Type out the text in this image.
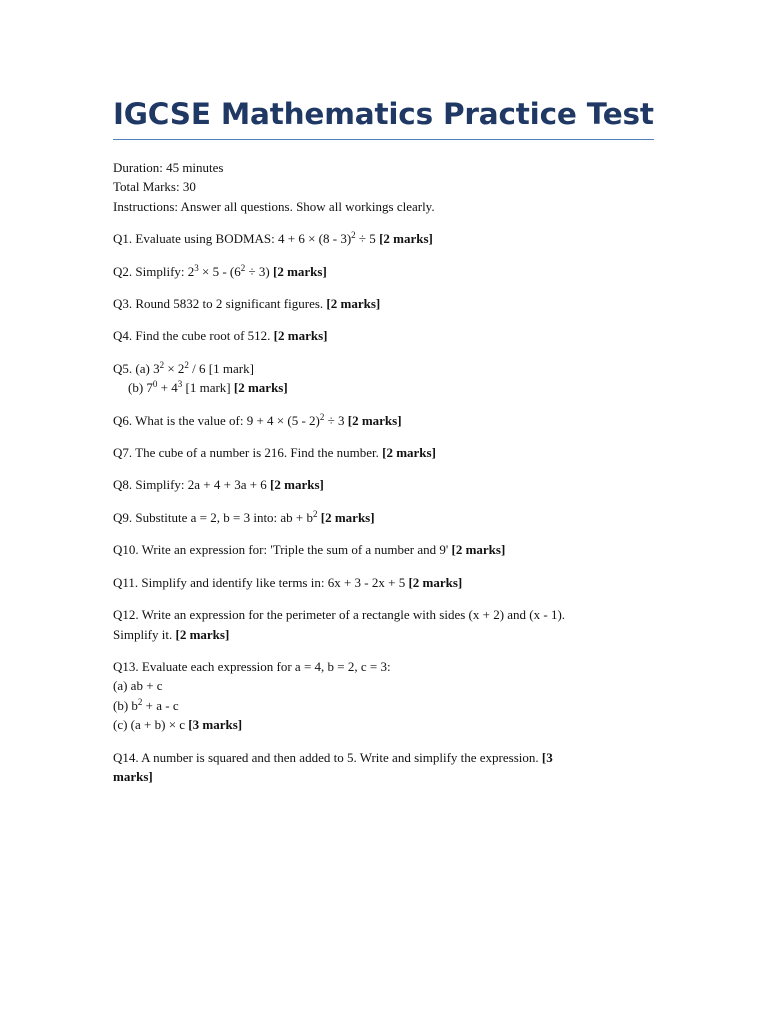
IGCSE Mathematics Practice Test
Duration: 45 minutes
Total Marks: 30
Instructions: Answer all questions. Show all workings clearly.
Q1. Evaluate using BODMAS: 4 + 6 × (8 - 3)$^2$ ÷ 5 [2 marks]
Q2. Simplify: $2^3 \times 5 - (6^2 \div 3)$ [2 marks]
Q3. Round 5832 to 2 significant figures. [2 marks]
Q4. Find the cube root of 512. [2 marks]
Q5. (a) $3^2 \times 2^2 / 6$ [1 mark]
(b) $7^0 + 4^3$ [1 mark] [2 marks]
Q6. What is the value of: 9 + 4 × (5 - 2)$^2$ ÷ 3 [2 marks]
Q7. The cube of a number is 216. Find the number. [2 marks]
Q8. Simplify: 2a + 4 + 3a + 6 [2 marks]
Q9. Substitute a = 2, b = 3 into: ab + $b^2$ [2 marks]
Q10. Write an expression for: 'Triple the sum of a number and 9' [2 marks]
Q11. Simplify and identify like terms in: 6x + 3 - 2x + 5 [2 marks]
Q12. Write an expression for the perimeter of a rectangle with sides (x + 2) and (x - 1).
Simplify it. [2 marks]
Q13. Evaluate each expression for a = 4, b = 2, c = 3:
(a) ab + c
(b) $b^2 + a - c$
(c) (a + b) × c [3 marks]
Q14. A number is squared and then added to 5. Write and simplify the expression. [3
marks]
